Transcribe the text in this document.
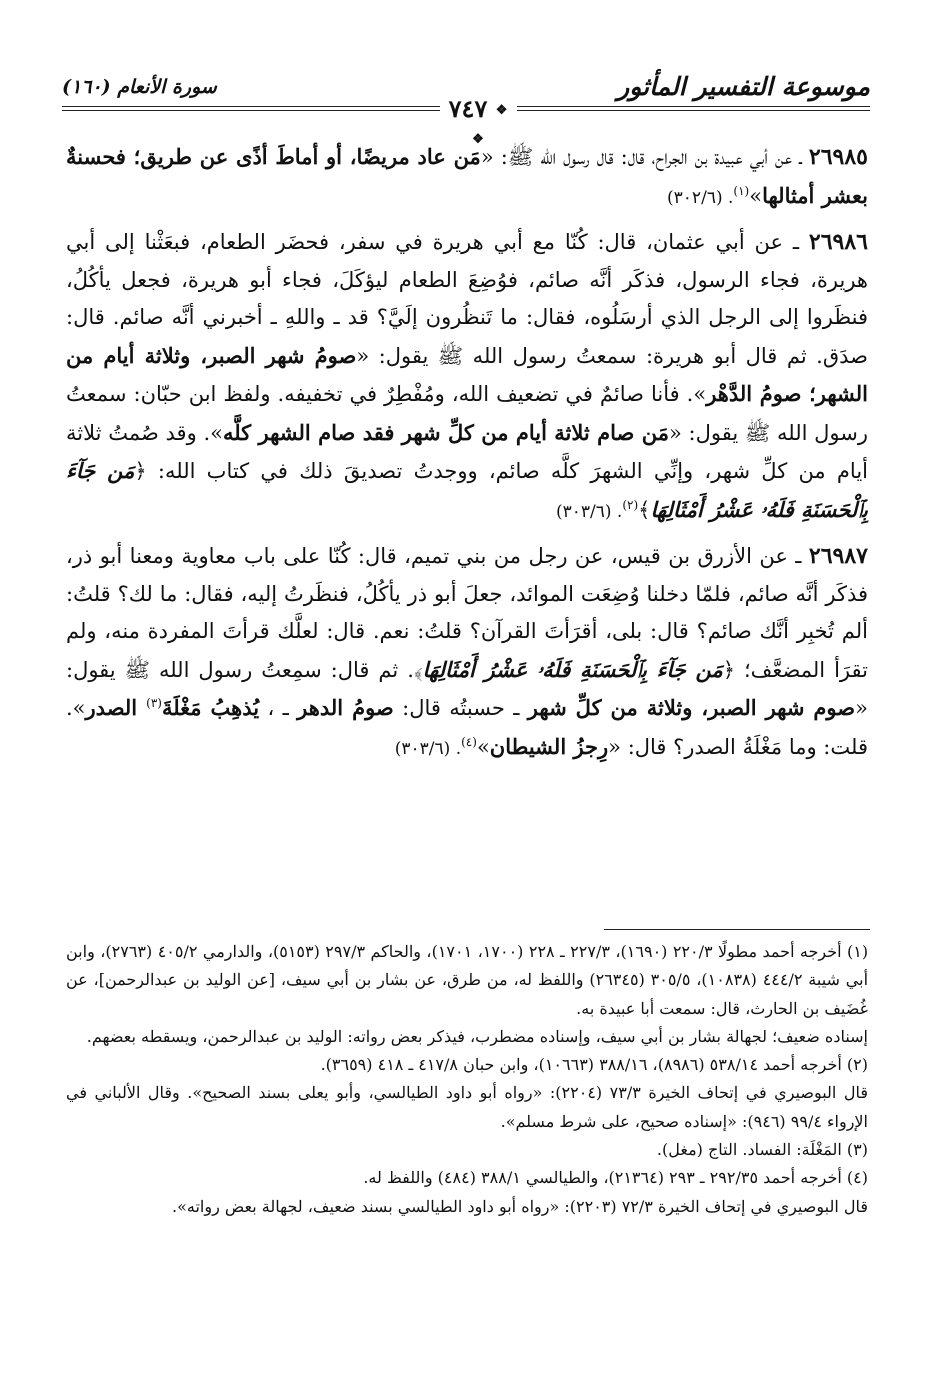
موسوعة التفسير المأثور
❖ ٧٤٧ ❖
سورة الأنعام (١٦٠)

٢٦٩٨٥ ـ عن أبي عبيدة بن الجراح، قال: قال رسول الله ﷺ: «مَن عاد مريضًا، أو أماطَ أذًى عن طريق؛ فحسنةٌ بعشر أمثالها»$^{(١)}$. (٦/‏٣٠٢)

٢٦٩٨٦ ـ عن أبي عثمان، قال: كُنّا مع أبي هريرة في سفر، فحضَر الطعام، فبعَثْنا إلى أبي هريرة، فجاء الرسول، فذكَر أنَّه صائم، فوُضِعَ الطعام ليؤكَلَ، فجاء أبو هريرة، فجعل يأكُلُ، فنظَروا إلى الرجل الذي أرسَلُوه، فقال: ما تَنظُرون إلَيَّ؟ قد ـ واللهِ ـ أخبرني أنَّه صائم. قال: صدَق. ثم قال أبو هريرة: سمعتُ رسول الله ﷺ يقول: «صومُ شهر الصبر، وثلاثة أيام من الشهر؛ صومُ الدَّهْر». فأنا صائمٌ في تضعيف الله، ومُفْطِرٌ في تخفيفه. ولفظ ابن حبّان: سمعتُ رسول الله ﷺ يقول: «مَن صام ثلاثة أيام من كلِّ شهر فقد صام الشهر كلَّه». وقد صُمتُ ثلاثة أيام من كلِّ شهر، وإنِّي الشهرَ كلَّه صائم، ووجدتُ تصديقَ ذلك في كتاب الله: ﴿مَن جَآءَ بِٱلْحَسَنَةِ فَلَهُۥ عَشْرُ أَمْثَالِهَا﴾$^{(٢)}$. (٦/‏٣٠٣)

٢٦٩٨٧ ـ عن الأزرق بن قيس، عن رجل من بني تميم، قال: كُنّا على باب معاوية ومعنا أبو ذر، فذكَر أنَّه صائم، فلمّا دخلنا وُضِعَت الموائد، جعلَ أبو ذر يأكُلُ، فنظَرتُ إليه، فقال: ما لك؟ قلتُ: ألم تُخبِر أنَّك صائم؟ قال: بلى، أقرَأتَ القرآن؟ قلتُ: نعم. قال: لعلَّك قرأتَ المفردة منه، ولم تقرَأ المضعَّف؛ ﴿مَن جَآءَ بِٱلْحَسَنَةِ فَلَهُۥ عَشْرُ أَمْثَالِهَا﴾. ثم قال: سمِعتُ رسول الله ﷺ يقول: «صوم شهر الصبر، وثلاثة من كلِّ شهر ـ حسبتُه قال: صومُ الدهر ـ ، يُذهِبُ مَغْلَةَ$^{(٣)}$ الصدر». قلت: وما مَغْلَةُ الصدر؟ قال: «رِجزُ الشيطان»$^{(٤)}$. (٦/‏٣٠٣)

(١) أخرجه أحمد مطولًا ٣/‏٢٢٠ (١٦٩٠)، ٣/‏٢٢٧ ـ ٢٢٨ (١٧٠٠، ١٧٠١)، والحاكم ٣/‏٢٩٧ (٥١٥٣)، والدارمي ٢/‏٤٠٥ (٢٧٦٣)، وابن أبي شيبة ٢/‏٤٤٤ (١٠٨٣٨)، ٥/‏٣٠٥ (٢٦٣٤٥) واللفظ له، من طرق، عن بشار بن أبي سيف، [عن الوليد بن عبدالرحمن]، عن غُضَيف بن الحارث، قال: سمعت أبا عبيدة به.

إسناده ضعيف؛ لجهالة بشار بن أبي سيف، وإسناده مضطرب، فيذكر بعض رواته: الوليد بن عبدالرحمن، ويسقطه بعضهم.

(٢) أخرجه أحمد ١٤/‏٥٣٨ (٨٩٨٦)، ١٦/‏٣٨٨ (١٠٦٦٣)، وابن حبان ٨/‏٤١٧ ـ ٤١٨ (٣٦٥٩).

قال البوصيري في إتحاف الخيرة ٣/‏٧٣ (٢٢٠٤): «رواه أبو داود الطيالسي، وأبو يعلى بسند الصحيح». وقال الألباني في الإرواء ٤/‏٩٩ (٩٤٦): «إسناده صحيح، على شرط مسلم».

(٣) المَغْلَة: الفساد. التاج (مغل).

(٤) أخرجه أحمد ٣٥/‏٢٩٢ ـ ٢٩٣ (٢١٣٦٤)، والطيالسي ١/‏٣٨٨ (٤٨٤) واللفظ له.

قال البوصيري في إتحاف الخيرة ٣/‏٧٢ (٢٢٠٣): «رواه أبو داود الطيالسي بسند ضعيف، لجهالة بعض رواته».
